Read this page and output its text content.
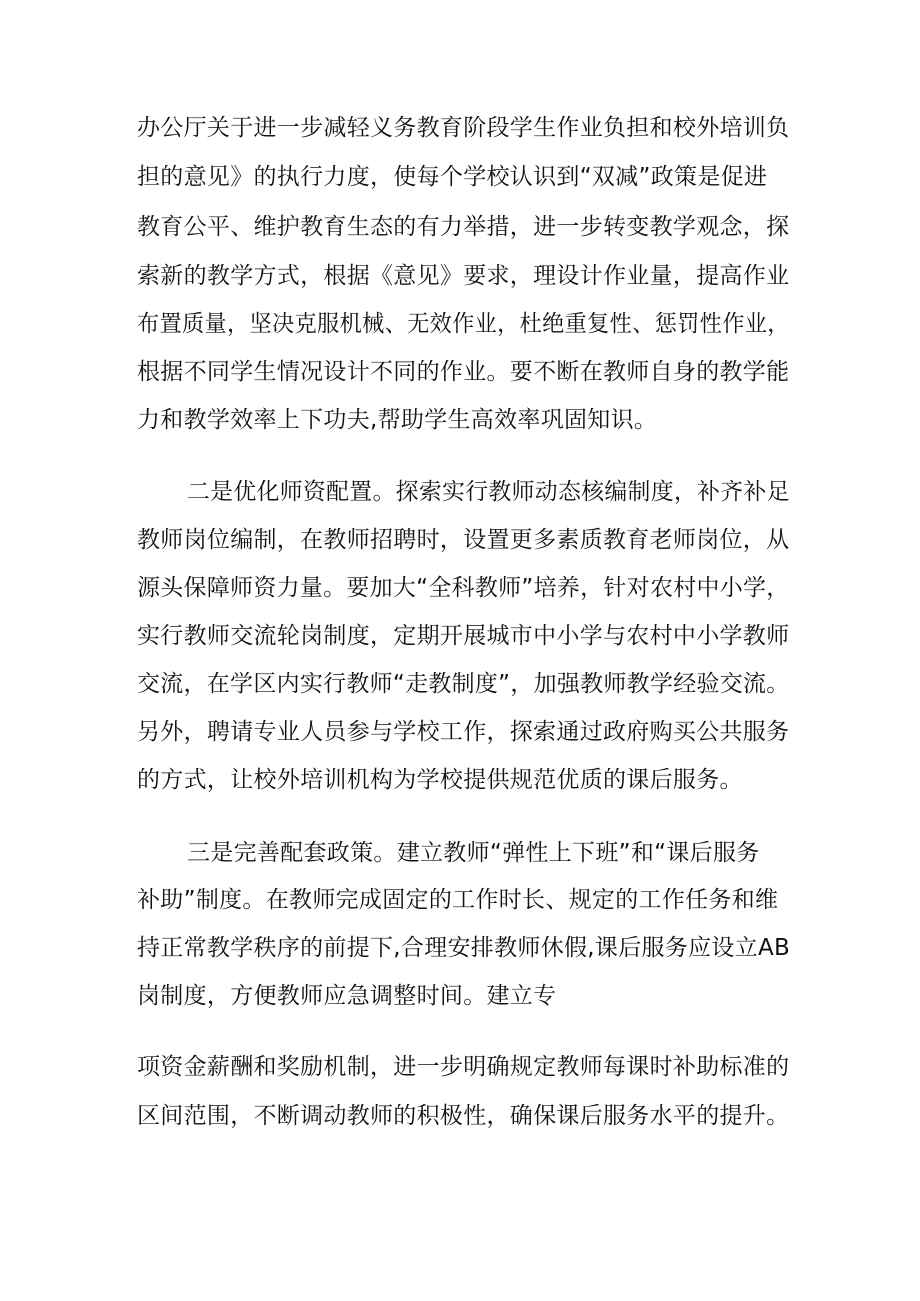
办公厅关于进一步减轻义务教育阶段学生作业负担和校外培训负
担的意见》的执行力度，使每个学校认识到“双减”政策是促进
教育公平、维护教育生态的有力举措，进一步转变教学观念，探
索新的教学方式，根据《意见》要求，理设计作业量，提高作业
布置质量，坚决克服机械、无效作业，杜绝重复性、惩罚性作业，
根据不同学生情况设计不同的作业。要不断在教师自身的教学能
力和教学效率上下功夫,帮助学生高效率巩固知识。
二是优化师资配置。探索实行教师动态核编制度，补齐补足
教师岗位编制，在教师招聘时，设置更多素质教育老师岗位，从
源头保障师资力量。要加大“全科教师”培养，针对农村中小学，
实行教师交流轮岗制度，定期开展城市中小学与农村中小学教师
交流，在学区内实行教师“走教制度”，加强教师教学经验交流。
另外，聘请专业人员参与学校工作，探索通过政府购买公共服务
的方式，让校外培训机构为学校提供规范优质的课后服务。
三是完善配套政策。建立教师“弹性上下班”和“课后服务
补助”制度。在教师完成固定的工作时长、规定的工作任务和维
持正常教学秩序的前提下,合理安排教师休假,课后服务应设立AB
岗制度，方便教师应急调整时间。建立专
项资金薪酬和奖励机制，进一步明确规定教师每课时补助标准的
区间范围，不断调动教师的积极性，确保课后服务水平的提升。
